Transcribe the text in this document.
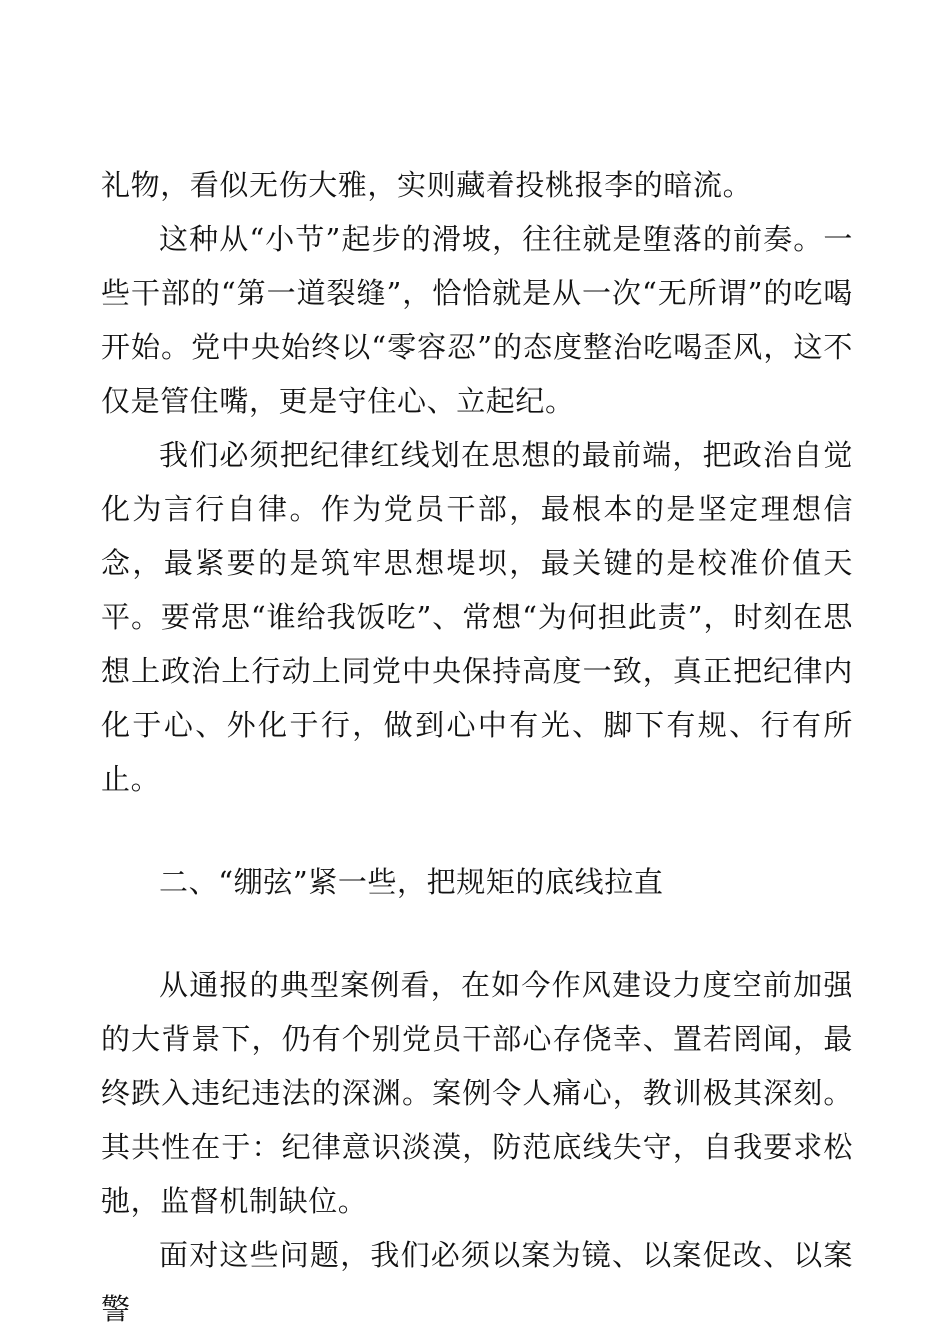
礼物，看似无伤大雅，实则藏着投桃报李的暗流。

这种从“小节”起步的滑坡，往往就是堕落的前奏。一些干部的“第一道裂缝”，恰恰就是从一次“无所谓”的吃喝开始。党中央始终以“零容忍”的态度整治吃喝歪风，这不仅是管住嘴，更是守住心、立起纪。

我们必须把纪律红线划在思想的最前端，把政治自觉化为言行自律。作为党员干部，最根本的是坚定理想信念，最紧要的是筑牢思想堤坝，最关键的是校准价值天平。要常思“谁给我饭吃”、常想“为何担此责”，时刻在思想上政治上行动上同党中央保持高度一致，真正把纪律内化于心、外化于行，做到心中有光、脚下有规、行有所止。

二、“绷弦”紧一些，把规矩的底线拉直

从通报的典型案例看，在如今作风建设力度空前加强的大背景下，仍有个别党员干部心存侥幸、置若罔闻，最终跌入违纪违法的深渊。案例令人痛心，教训极其深刻。其共性在于：纪律意识淡漠，防范底线失守，自我要求松弛，监督机制缺位。

面对这些问题，我们必须以案为镜、以案促改、以案警
